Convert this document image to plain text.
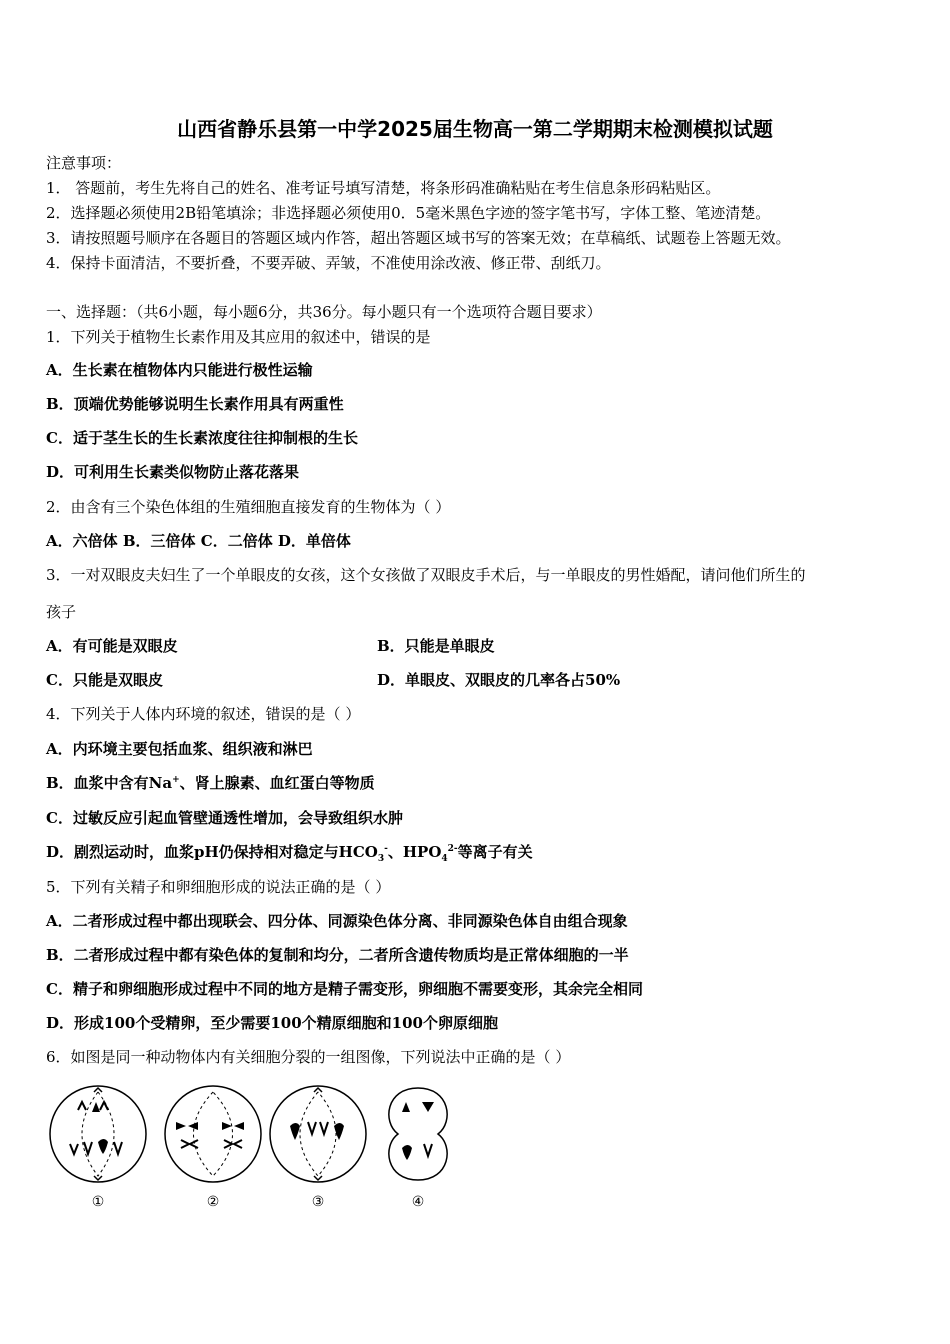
山西省静乐县第一中学2025届生物高一第二学期期末检测模拟试题
注意事项：
1． 答题前，考生先将自己的姓名、准考证号填写清楚，将条形码准确粘贴在考生信息条形码粘贴区。
2．选择题必须使用2B铅笔填涂；非选择题必须使用0．5毫米黑色字迹的签字笔书写，字体工整、笔迹清楚。
3．请按照题号顺序在各题目的答题区域内作答，超出答题区域书写的答案无效；在草稿纸、试题卷上答题无效。
4．保持卡面清洁，不要折叠，不要弄破、弄皱，不准使用涂改液、修正带、刮纸刀。
一、选择题：（共6小题，每小题6分，共36分。每小题只有一个选项符合题目要求）
1．下列关于植物生长素作用及其应用的叙述中，错误的是
A．生长素在植物体内只能进行极性运输
B．顶端优势能够说明生长素作用具有两重性
C．适于茎生长的生长素浓度往往抑制根的生长
D．可利用生长素类似物防止落花落果
2．由含有三个染色体组的生殖细胞直接发育的生物体为（ ）
A．六倍体 B．三倍体 C．二倍体 D．单倍体
3．一对双眼皮夫妇生了一个单眼皮的女孩，这个女孩做了双眼皮手术后，与一单眼皮的男性婚配，请问他们所生的
孩子
A．有可能是双眼皮	B．只能是单眼皮
C．只能是双眼皮	D．单眼皮、双眼皮的几率各占50%
4．下列关于人体内环境的叙述，错误的是（ ）
A．内环境主要包括血浆、组织液和淋巴
B．血浆中含有Na+、肾上腺素、血红蛋白等物质
C．过敏反应引起血管壁通透性增加，会导致组织水肿
D．剧烈运动时，血浆pH仍保持相对稳定与$HCO_3^-$、$HPO_4^{2-}$等离子有关
5．下列有关精子和卵细胞形成的说法正确的是（ ）
A．二者形成过程中都出现联会、四分体、同源染色体分离、非同源染色体自由组合现象
B．二者形成过程中都有染色体的复制和均分，二者所含遗传物质均是正常体细胞的一半
C．精子和卵细胞形成过程中不同的地方是精子需变形，卵细胞不需要变形，其余完全相同
D．形成100个受精卵，至少需要100个精原细胞和100个卵原细胞
6．如图是同一种动物体内有关细胞分裂的一组图像，下列说法中正确的是（ ）
①	②	③	④
